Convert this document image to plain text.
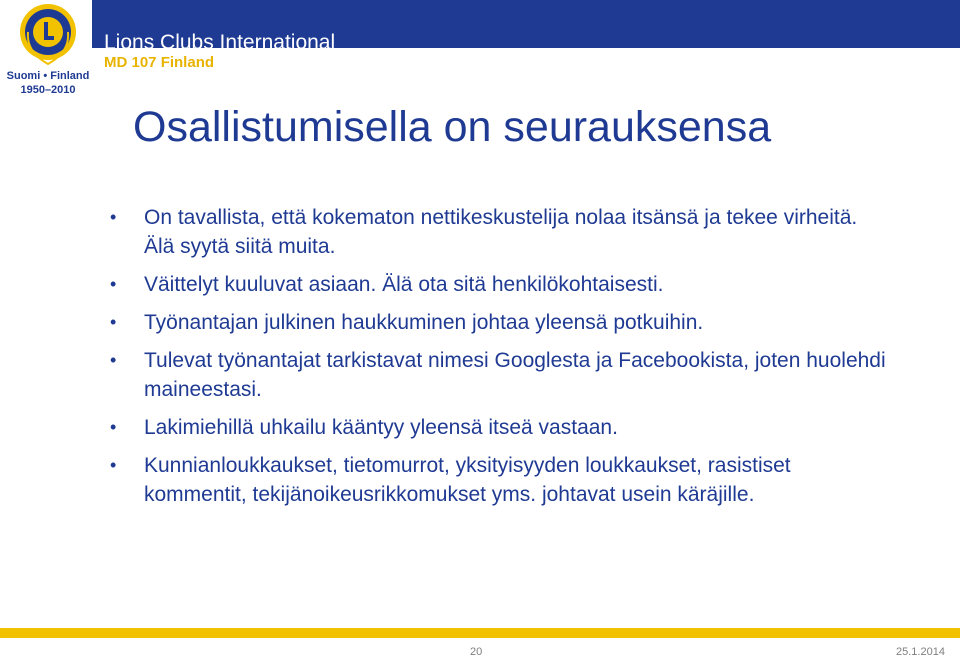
Suomi • Finland
1950–2010
Lions Clubs International
MD 107 Finland
Osallistumisella on seurauksensa
• On tavallista, että kokematon nettikeskustelija nolaa itsänsä ja tekee virheitä. Älä syytä siitä muita.
• Väittelyt kuuluvat asiaan. Älä ota sitä henkilökohtaisesti.
• Työnantajan julkinen haukkuminen johtaa yleensä potkuihin.
• Tulevat työnantajat tarkistavat nimesi Googlesta ja Facebookista, joten huolehdi maineestasi.
• Lakimiehillä uhkailu kääntyy yleensä itseä vastaan.
• Kunnianloukkaukset, tietomurrot, yksityisyyden loukkaukset, rasistiset kommentit, tekijänoikeusrikkomukset yms. johtavat usein käräjille.
20	25.1.2014
